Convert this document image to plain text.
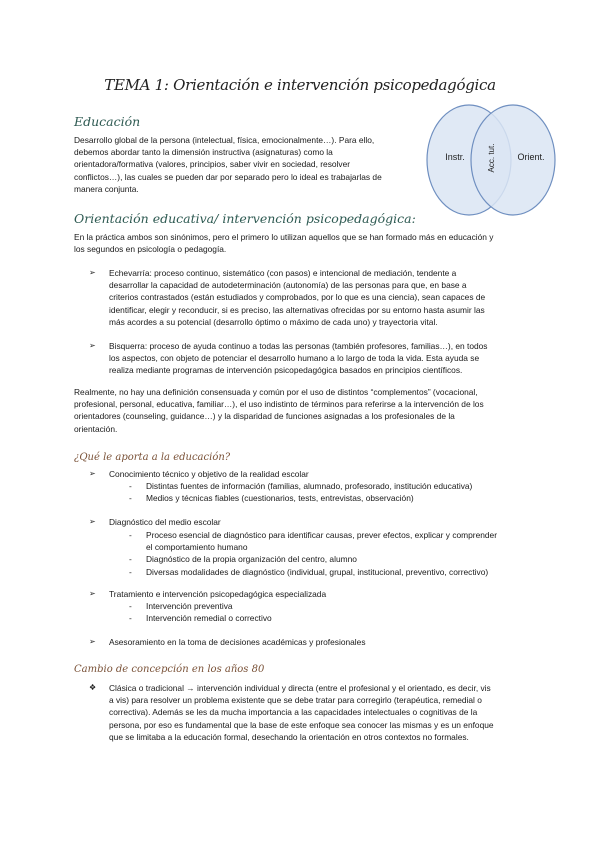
TEMA 1: Orientación e intervención psicopedagógica
Educación
Desarrollo global de la persona (intelectual, física, emocionalmente…). Para ello,
debemos abordar tanto la dimensión instructiva (asignaturas) como la
orientadora/formativa (valores, principios, saber vivir en sociedad, resolver
conflictos…), las cuales se pueden dar por separado pero lo ideal es trabajarlas de
manera conjunta.
Instr.	Orient.
Acc. tut.
Orientación educativa/ intervención psicopedagógica:
En la práctica ambos son sinónimos, pero el primero lo utilizan aquellos que se han formado más en educación y
los segundos en psicología o pedagogía.
➢ Echevarría: proceso continuo, sistemático (con pasos) e intencional de mediación, tendente a
desarrollar la capacidad de autodeterminación (autonomía) de las personas para que, en base a
criterios contrastados (están estudiados y comprobados, por lo que es una ciencia), sean capaces de
identificar, elegir y reconducir, si es preciso, las alternativas ofrecidas por su entorno hasta asumir las
más acordes a su potencial (desarrollo óptimo o máximo de cada uno) y trayectoria vital.
➢ Bisquerra: proceso de ayuda continuo a todas las personas (también profesores, familias…), en todos
los aspectos, con objeto de potenciar el desarrollo humano a lo largo de toda la vida. Esta ayuda se
realiza mediante programas de intervención psicopedagógica basados en principios científicos.
Realmente, no hay una definición consensuada y común por el uso de distintos “complementos” (vocacional,
profesional, personal, educativa, familiar…), el uso indistinto de términos para referirse a la intervención de los
orientadores (counseling, guidance…) y la disparidad de funciones asignadas a los profesionales de la
orientación.
¿Qué le aporta a la educación?
➢ Conocimiento técnico y objetivo de la realidad escolar
- Distintas fuentes de información (familias, alumnado, profesorado, institución educativa)
- Medios y técnicas fiables (cuestionarios, tests, entrevistas, observación)
➢ Diagnóstico del medio escolar
- Proceso esencial de diagnóstico para identificar causas, prever efectos, explicar y comprender
el comportamiento humano
- Diagnóstico de la propia organización del centro, alumno
- Diversas modalidades de diagnóstico (individual, grupal, institucional, preventivo, correctivo)
➢ Tratamiento e intervención psicopedagógica especializada
- Intervención preventiva
- Intervención remedial o correctivo
➢ Asesoramiento en la toma de decisiones académicas y profesionales
Cambio de concepción en los años 80
❖ Clásica o tradicional → intervención individual y directa (entre el profesional y el orientado, es decir, vis
a vis) para resolver un problema existente que se debe tratar para corregirlo (terapéutica, remedial o
correctiva). Además se les da mucha importancia a las capacidades intelectuales o cognitivas de la
persona, por eso es fundamental que la base de este enfoque sea conocer las mismas y es un enfoque
que se limitaba a la educación formal, desechando la orientación en otros contextos no formales.
